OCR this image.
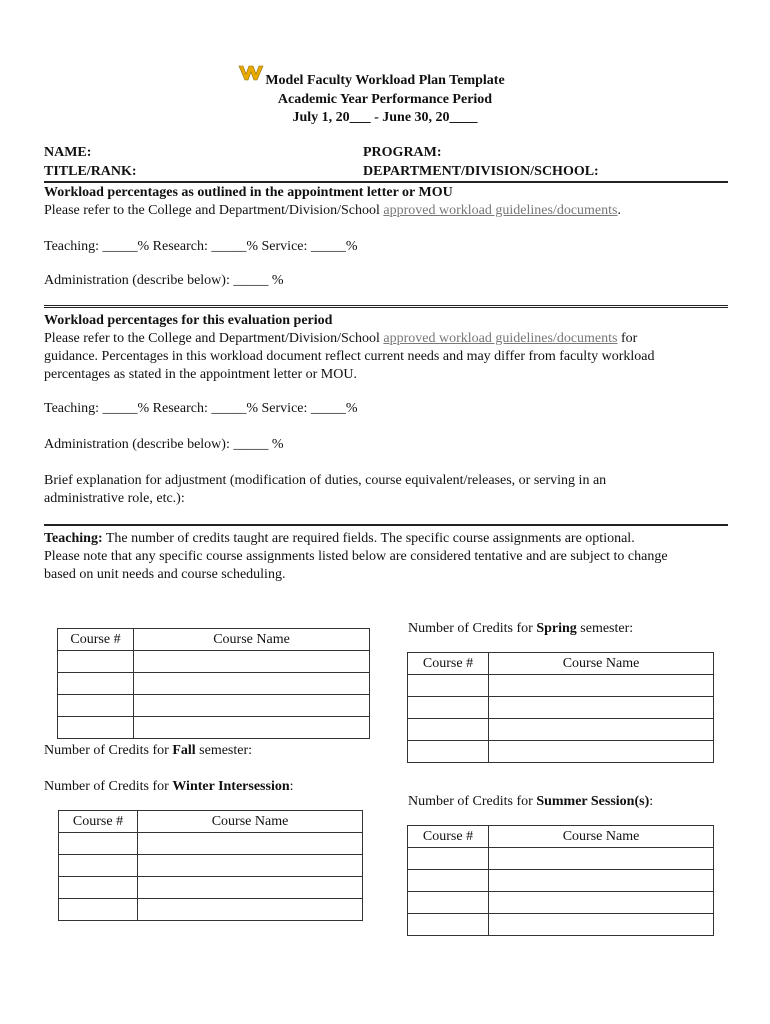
Model Faculty Workload Plan Template
Academic Year Performance Period
July 1, 20___ - June 30, 20____
NAME:	PROGRAM:
TITLE/RANK:	DEPARTMENT/DIVISION/SCHOOL:
Workload percentages as outlined in the appointment letter or MOU
Please refer to the College and Department/Division/School approved workload guidelines/documents.
Teaching: _____% Research: _____% Service: _____%
Administration (describe below): _____ %
Workload percentages for this evaluation period
Please refer to the College and Department/Division/School approved workload guidelines/documents for
guidance. Percentages in this workload document reflect current needs and may differ from faculty workload
percentages as stated in the appointment letter or MOU.
Teaching: _____% Research: _____% Service: _____%
Administration (describe below): _____ %
Brief explanation for adjustment (modification of duties, course equivalent/releases, or serving in an
administrative role, etc.):
Teaching: The number of credits taught are required fields. The specific course assignments are optional.
Please note that any specific course assignments listed below are considered tentative and are subject to change
based on unit needs and course scheduling.
Number of Credits for Spring semester:
Course #	Course Name

Course #	Course Name

Number of Credits for Fall semester:
Number of Credits for Winter Intersession:
Number of Credits for Summer Session(s):
Course #	Course Name

Course #	Course Name
